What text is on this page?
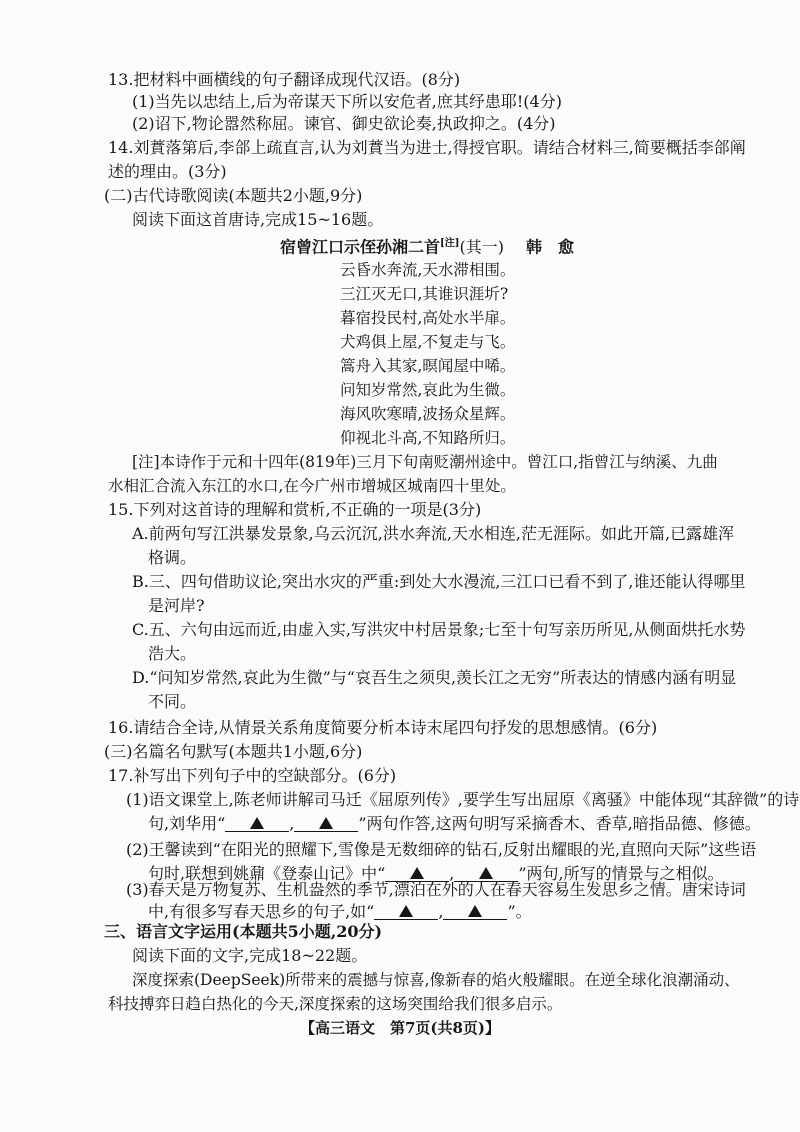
13.把材料中画横线的句子翻译成现代汉语。(8分)
(1)当先以忠结上,后为帝谋天下所以安危者,庶其纾患耶!(4分)
(2)诏下,物论嚣然称屈。谏官、御史欲论奏,执政抑之。(4分)
14.刘蕡落第后,李郃上疏直言,认为刘蕡当为进士,得授官职。请结合材料三,简要概括李郃阐
述的理由。(3分)
(二)古代诗歌阅读(本题共2小题,9分)
阅读下面这首唐诗,完成15~16题。
宿曾江口示侄孙湘二首[注](其一) 韩　愈
云昏水奔流,天水滞相围。
三江灭无口,其谁识涯圻?
暮宿投民村,高处水半扉。
犬鸡俱上屋,不复走与飞。
篙舟入其家,暝闻屋中唏。
问知岁常然,哀此为生微。
海风吹寒晴,波扬众星辉。
仰视北斗高,不知路所归。
[注]本诗作于元和十四年(819年)三月下旬南贬潮州途中。曾江口,指曾江与纳溪、九曲
水相汇合流入东江的水口,在今广州市增城区城南四十里处。
15.下列对这首诗的理解和赏析,不正确的一项是(3分)
A.前两句写江洪暴发景象,乌云沉沉,洪水奔流,天水相连,茫无涯际。如此开篇,已露雄浑
格调。
B.三、四句借助议论,突出水灾的严重:到处大水漫流,三江口已看不到了,谁还能认得哪里
是河岸?
C.五、六句由远而近,由虚入实,写洪灾中村居景象;七至十句写亲历所见,从侧面烘托水势
浩大。
D.“问知岁常然,哀此为生微”与“哀吾生之须臾,羡长江之无穷”所表达的情感内涵有明显
不同。
16.请结合全诗,从情景关系角度简要分析本诗末尾四句抒发的思想感情。(6分)
(三)名篇名句默写(本题共1小题,6分)
17.补写出下列句子中的空缺部分。(6分)
(1)语文课堂上,陈老师讲解司马迁《屈原列传》,要学生写出屈原《离骚》中能体现“其辞微”的诗
句,刘华用“	,	”两句作答,这两句明写采摘香木、香草,暗指品德、修德。
(2)王馨读到“在阳光的照耀下,雪像是无数细碎的钻石,反射出耀眼的光,直照向天际”这些语
句时,联想到姚鼐《登泰山记》中“	,	”两句,所写的情景与之相似。
(3)春天是万物复苏、生机盎然的季节,漂泊在外的人在春天容易生发思乡之情。唐宋诗词
中,有很多写春天思乡的句子,如“	,	”。
【高三语文　第7页(共8页)】
三、语言文字运用(本题共5小题,20分)
阅读下面的文字,完成18~22题。
深度探索(DeepSeek)所带来的震撼与惊喜,像新春的焰火般耀眼。在逆全球化浪潮涌动、
科技搏弈日趋白热化的今天,深度探索的这场突围给我们很多启示。
